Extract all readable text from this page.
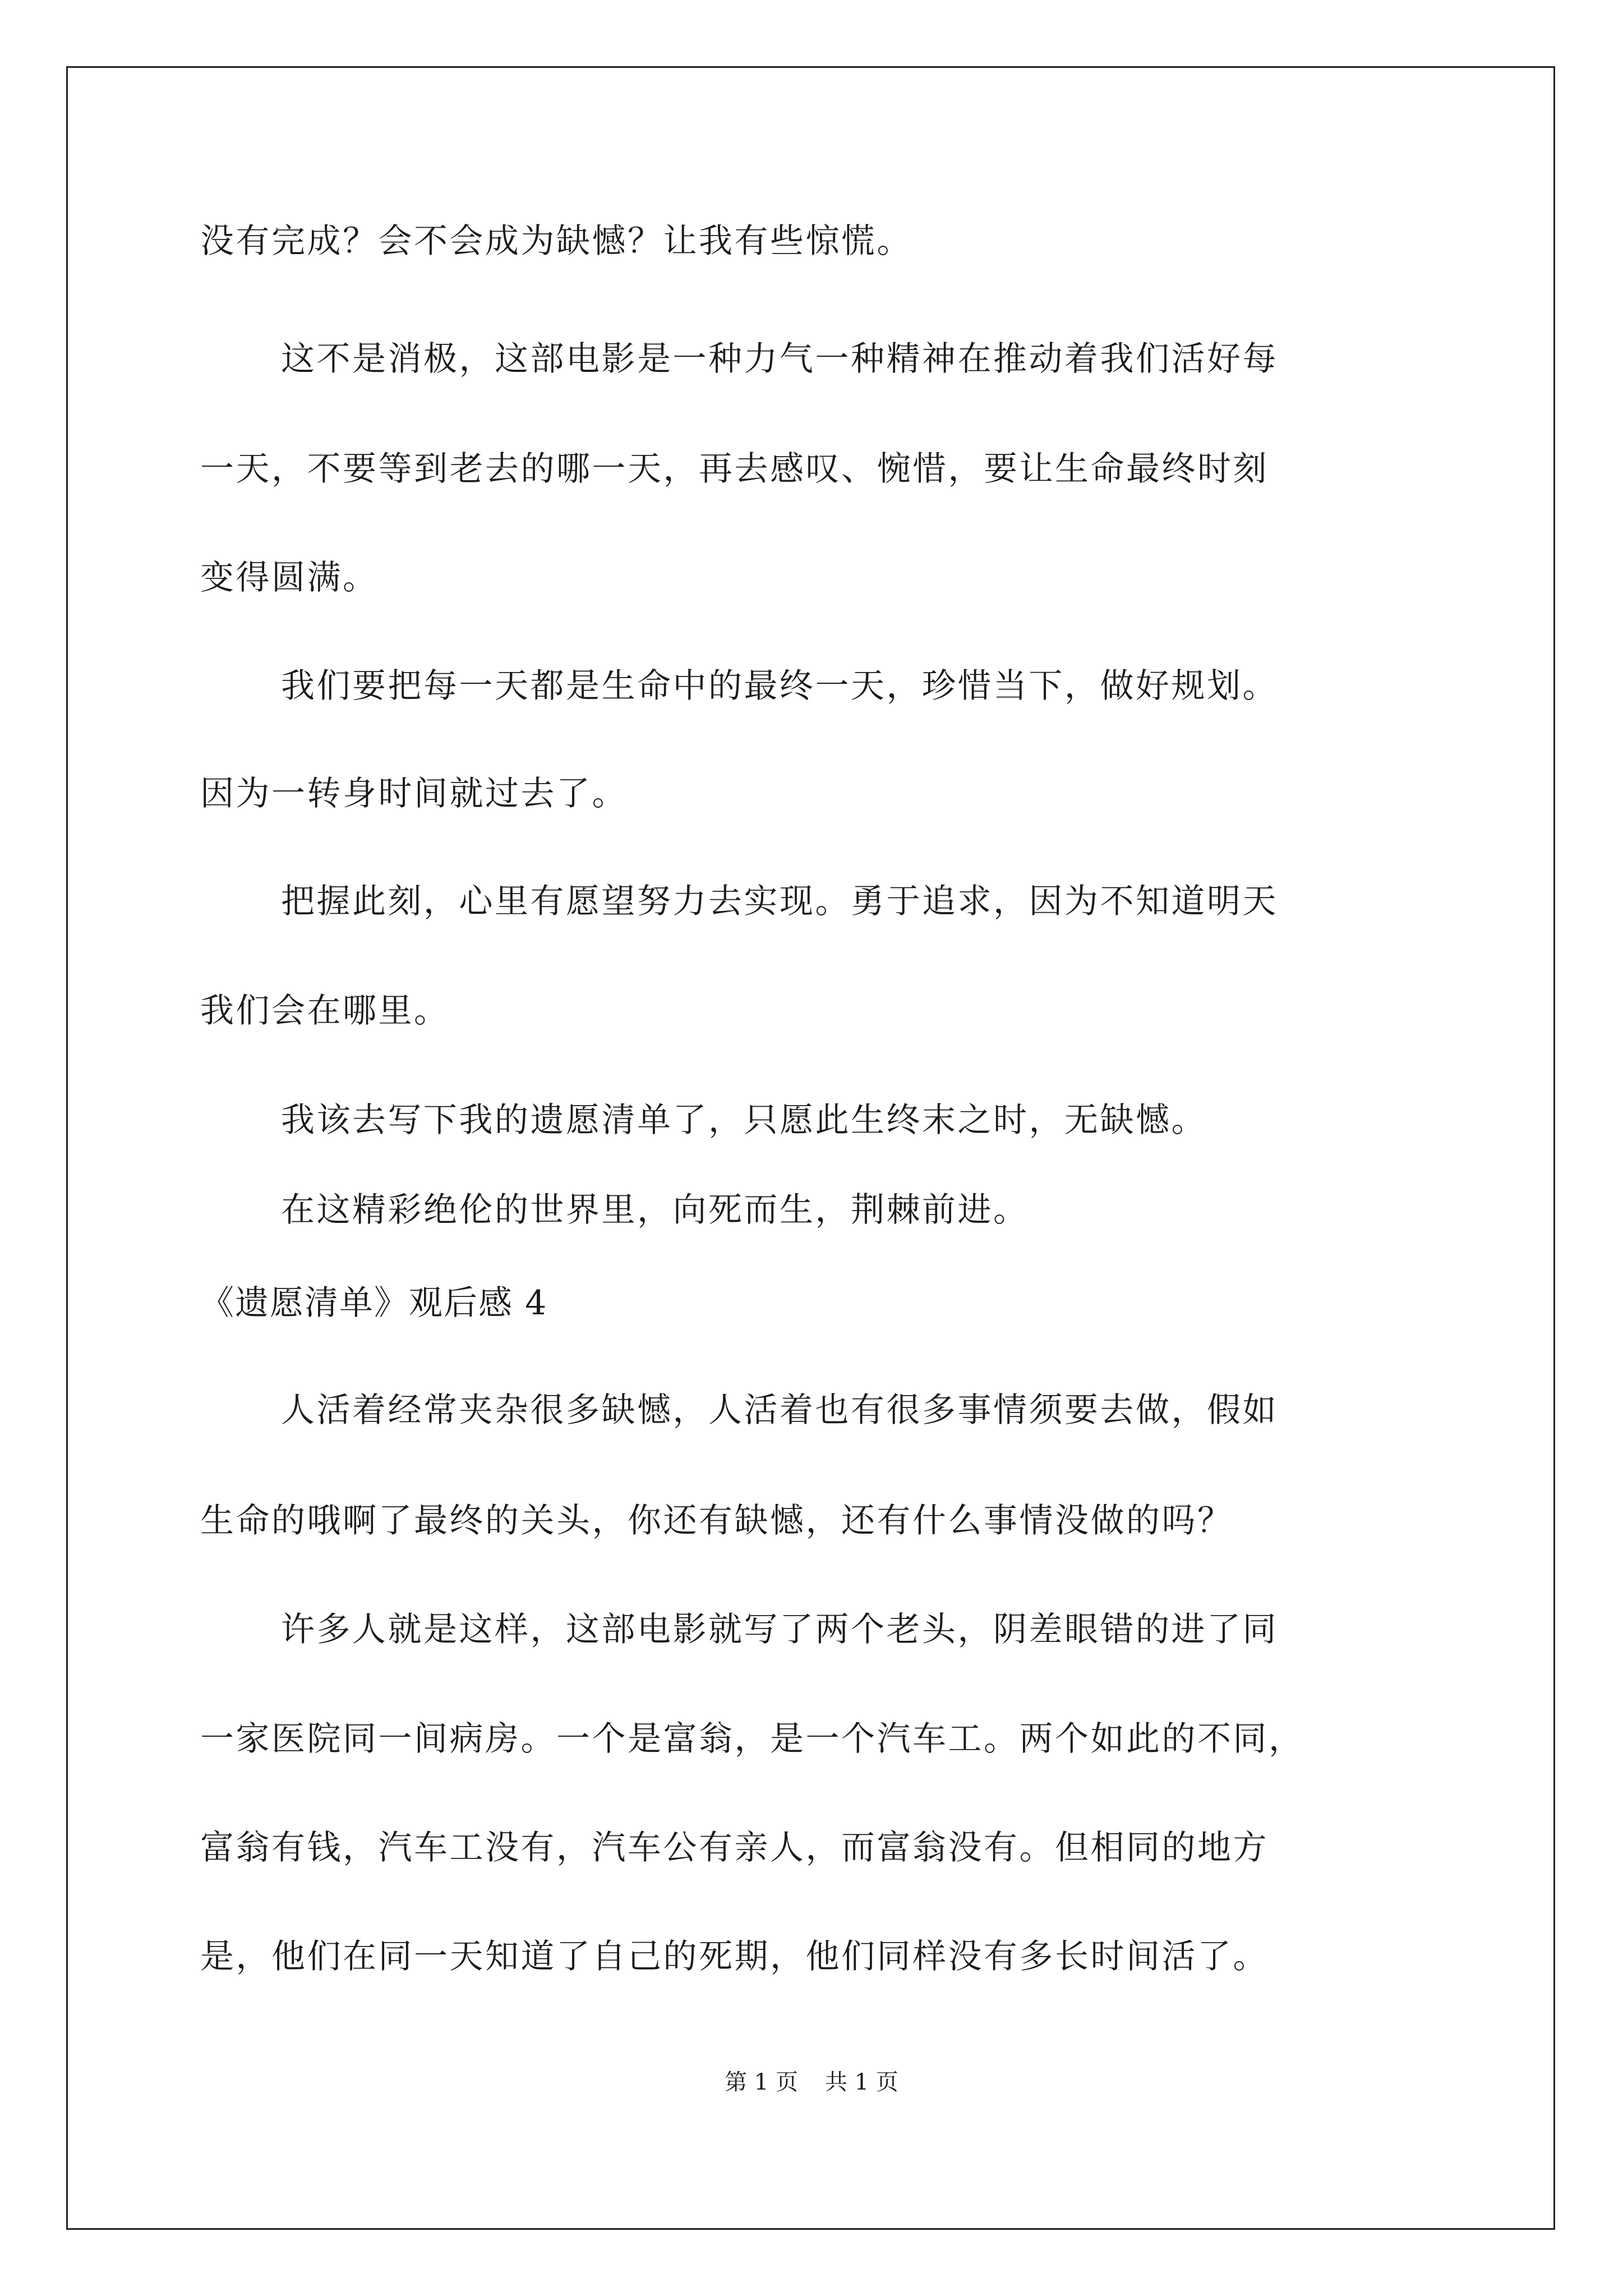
没有完成？会不会成为缺憾？让我有些惊慌。
这不是消极，这部电影是一种力气一种精神在推动着我们活好每
一天，不要等到老去的哪一天，再去感叹、惋惜，要让生命最终时刻
变得圆满。
我们要把每一天都是生命中的最终一天，珍惜当下，做好规划。
因为一转身时间就过去了。
把握此刻，心里有愿望努力去实现。勇于追求，因为不知道明天
我们会在哪里。
我该去写下我的遗愿清单了，只愿此生终末之时，无缺憾。
在这精彩绝伦的世界里，向死而生，荆棘前进。
《遗愿清单》观后感 4
人活着经常夹杂很多缺憾，人活着也有很多事情须要去做，假如
生命的哦啊了最终的关头，你还有缺憾，还有什么事情没做的吗？
许多人就是这样，这部电影就写了两个老头，阴差眼错的进了同
一家医院同一间病房。一个是富翁，是一个汽车工。两个如此的不同，
富翁有钱，汽车工没有，汽车公有亲人，而富翁没有。但相同的地方
是，他们在同一天知道了自己的死期，他们同样没有多长时间活了。
第 1 页 共 1 页
